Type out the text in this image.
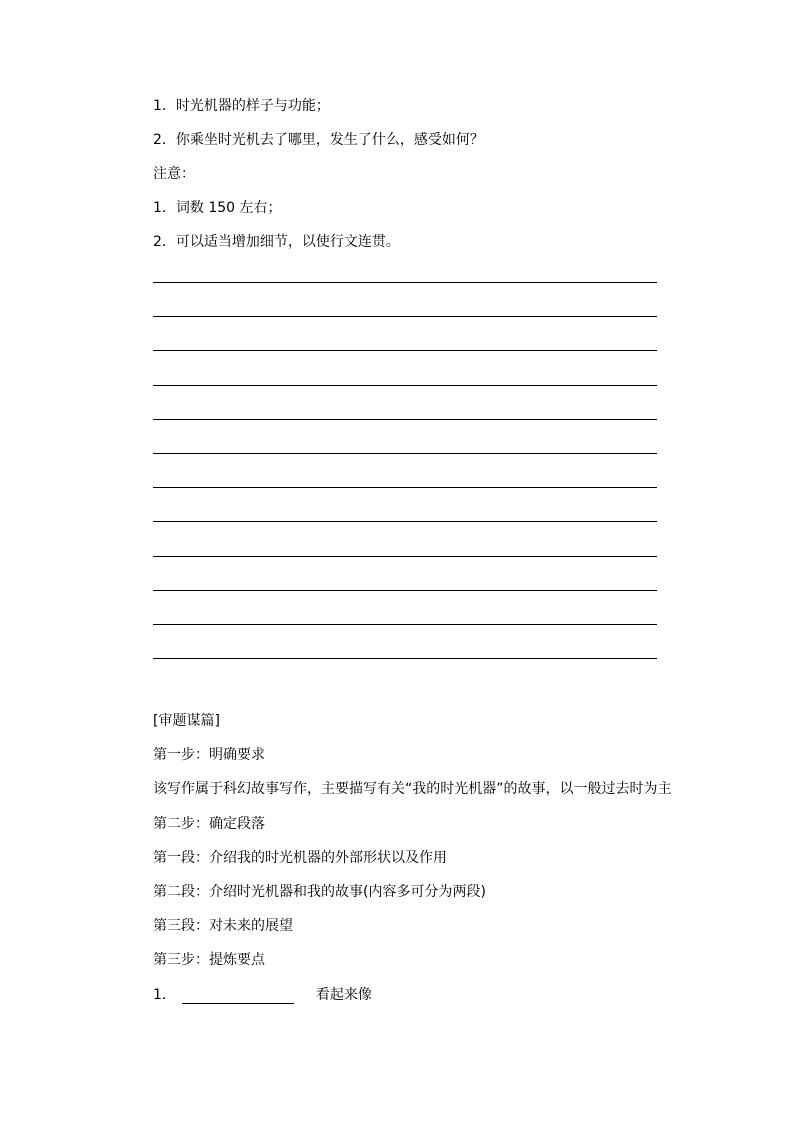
1．时光机器的样子与功能；
2．你乘坐时光机去了哪里，发生了什么，感受如何？
注意：
1．词数 150 左右；
2．可以适当增加细节，以使行文连贯。
[审题谋篇]
第一步：明确要求
该写作属于科幻故事写作，主要描写有关“我的时光机器”的故事，以一般过去时为主
第二步：确定段落
第一段：介绍我的时光机器的外部形状以及作用
第二段：介绍时光机器和我的故事(内容多可分为两段)
第三段：对未来的展望
第三步：提炼要点
1．	看起来像
